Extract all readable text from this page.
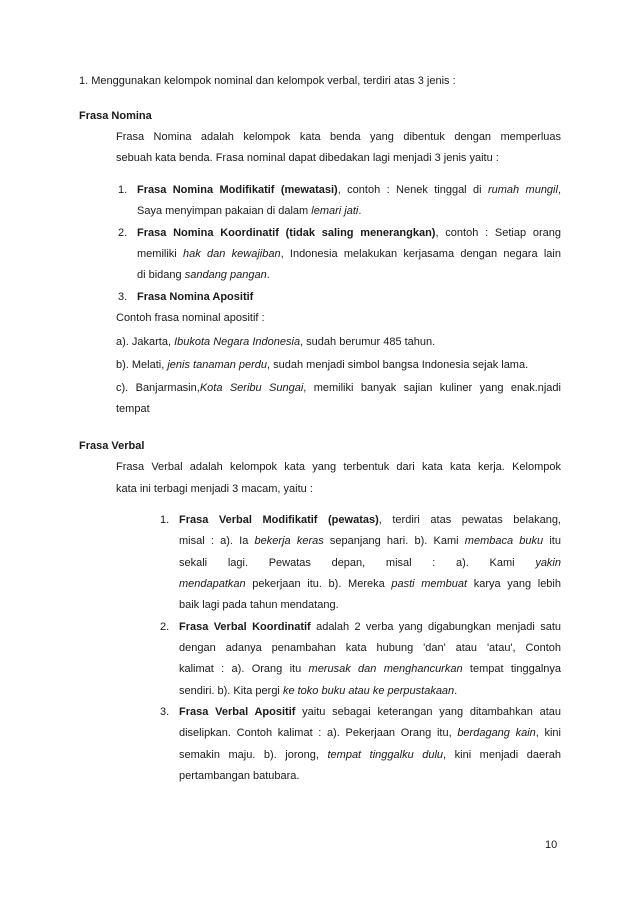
1. Menggunakan kelompok nominal dan kelompok verbal, terdiri atas 3 jenis :
Frasa Nomina
Frasa Nomina adalah kelompok kata benda yang dibentuk dengan memperluas
sebuah kata benda. Frasa nominal dapat dibedakan lagi menjadi 3 jenis yaitu :
1. Frasa Nomina Modifikatif (mewatasi), contoh : Nenek tinggal di rumah mungil,
Saya menyimpan pakaian di dalam lemari jati.
2. Frasa Nomina Koordinatif (tidak saling menerangkan), contoh : Setiap orang
memiliki hak dan kewajiban, Indonesia melakukan kerjasama dengan negara lain
di bidang sandang pangan.
3. Frasa Nomina Apositif
Contoh frasa nominal apositif :
a). Jakarta, Ibukota Negara Indonesia, sudah berumur 485 tahun.
b). Melati, jenis tanaman perdu, sudah menjadi simbol bangsa Indonesia sejak lama.
c). Banjarmasin,Kota Seribu Sungai, memiliki banyak sajian kuliner yang enak.njadi
tempat
Frasa Verbal
Frasa Verbal adalah kelompok kata yang terbentuk dari kata kata kerja. Kelompok
kata ini terbagi menjadi 3 macam, yaitu :
1. Frasa Verbal Modifikatif (pewatas), terdiri atas pewatas belakang,
misal : a). Ia bekerja keras sepanjang hari. b). Kami membaca buku itu
sekali lagi. Pewatas depan, misal : a). Kami yakin
mendapatkan pekerjaan itu. b). Mereka pasti membuat karya yang lebih
baik lagi pada tahun mendatang.
2. Frasa Verbal Koordinatif adalah 2 verba yang digabungkan menjadi satu
dengan adanya penambahan kata hubung 'dan' atau 'atau', Contoh
kalimat : a). Orang itu merusak dan menghancurkan tempat tinggalnya
sendiri. b). Kita pergi ke toko buku atau ke perpustakaan.
3. Frasa Verbal Apositif yaitu sebagai keterangan yang ditambahkan atau
diselipkan. Contoh kalimat : a). Pekerjaan Orang itu, berdagang kain, kini
semakin maju. b). jorong, tempat tinggalku dulu, kini menjadi daerah
pertambangan batubara.
10
